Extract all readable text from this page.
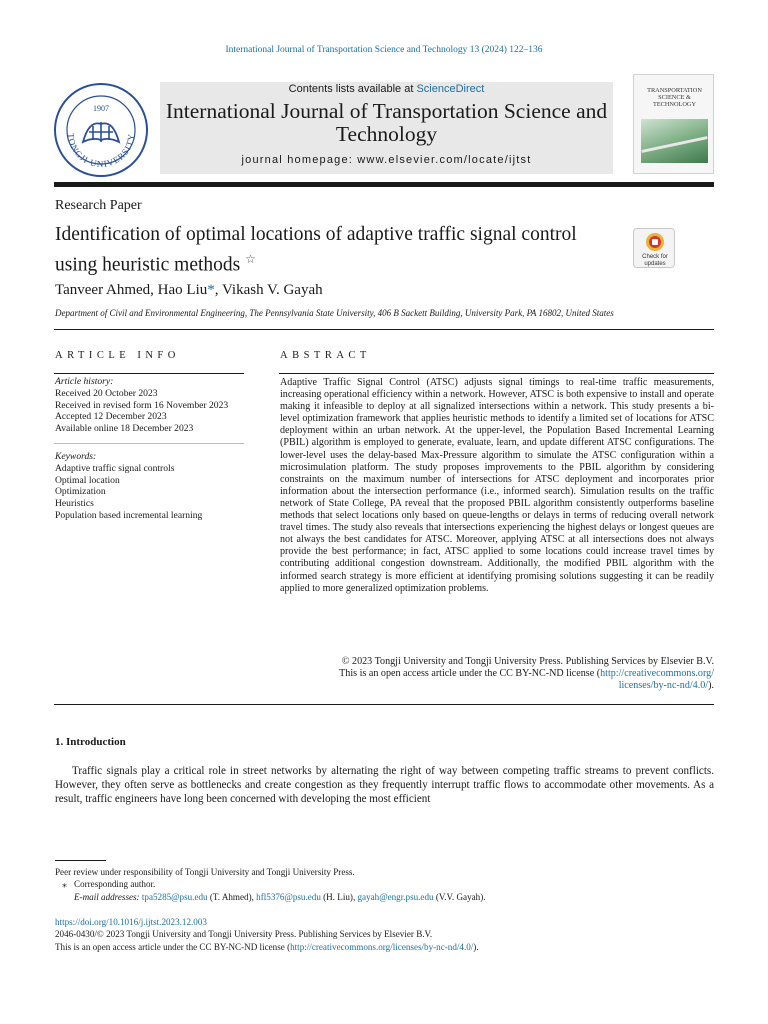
International Journal of Transportation Science and Technology 13 (2024) 122–136
TONGJI UNIVERSITY
1907
Contents lists available at ScienceDirect
International Journal of Transportation Science and Technology
journal homepage: www.elsevier.com/locate/ijtst
TRANSPORTATION SCIENCE & TECHNOLOGY
Research Paper
Identification of optimal locations of adaptive traffic signal control using heuristic methods ☆	Check for updates
Tanveer Ahmed, Hao Liu*, Vikash V. Gayah
Department of Civil and Environmental Engineering, The Pennsylvania State University, 406 B Sackett Building, University Park, PA 16802, United States
ARTICLE INFO
Article history:
Received 20 October 2023
Received in revised form 16 November 2023
Accepted 12 December 2023
Available online 18 December 2023
Keywords:
Adaptive traffic signal controls
Optimal location
Optimization
Heuristics
Population based incremental learning
ABSTRACT
Adaptive Traffic Signal Control (ATSC) adjusts signal timings to real-time traffic measurements, increasing operational efficiency within a network. However, ATSC is both expensive to install and operate making it infeasible to deploy at all signalized intersections within a network. This study presents a bi-level optimization framework that applies heuristic methods to identify a limited set of locations for ATSC deployment within an urban network. At the upper-level, the Population Based Incremental Learning (PBIL) algorithm is employed to generate, evaluate, learn, and update different ATSC configurations. The lower-level uses the delay-based Max-Pressure algorithm to simulate the ATSC configuration within a microsimulation platform. The study proposes improvements to the PBIL algorithm by considering constraints on the maximum number of intersections for ATSC deployment and incorporates prior information about the intersection performance (i.e., informed search). Simulation results on the traffic network of State College, PA reveal that the proposed PBIL algorithm consistently outperforms baseline methods that select locations only based on queue-lengths or delays in terms of reducing overall network travel times. The study also reveals that intersections experiencing the highest delays or longest queues are not always the best candidates for ATSC. Moreover, applying ATSC at all intersections does not always provide the best performance; in fact, ATSC applied to some locations could increase travel times by contributing additional congestion downstream. Additionally, the modified PBIL algorithm with the informed search strategy is more efficient at identifying promising solutions suggesting it can be readily applied to more generalized optimization problems.
© 2023 Tongji University and Tongji University Press. Publishing Services by Elsevier B.V.
This is an open access article under the CC BY-NC-ND license (http://creativecommons.org/
licenses/by-nc-nd/4.0/).
1. Introduction
Traffic signals play a critical role in street networks by alternating the right of way between competing traffic streams to prevent conflicts. However, they often serve as bottlenecks and create congestion as they frequently interrupt traffic flows to accommodate other movements. As a result, traffic engineers have long been concerned with developing the most efficient
Peer review under responsibility of Tongji University and Tongji University Press.
⁎ Corresponding author.
E-mail addresses: tpa5285@psu.edu (T. Ahmed), hfl5376@psu.edu (H. Liu), gayah@engr.psu.edu (V.V. Gayah).
https://doi.org/10.1016/j.ijtst.2023.12.003
2046-0430/© 2023 Tongji University and Tongji University Press. Publishing Services by Elsevier B.V.
This is an open access article under the CC BY-NC-ND license (http://creativecommons.org/licenses/by-nc-nd/4.0/).
